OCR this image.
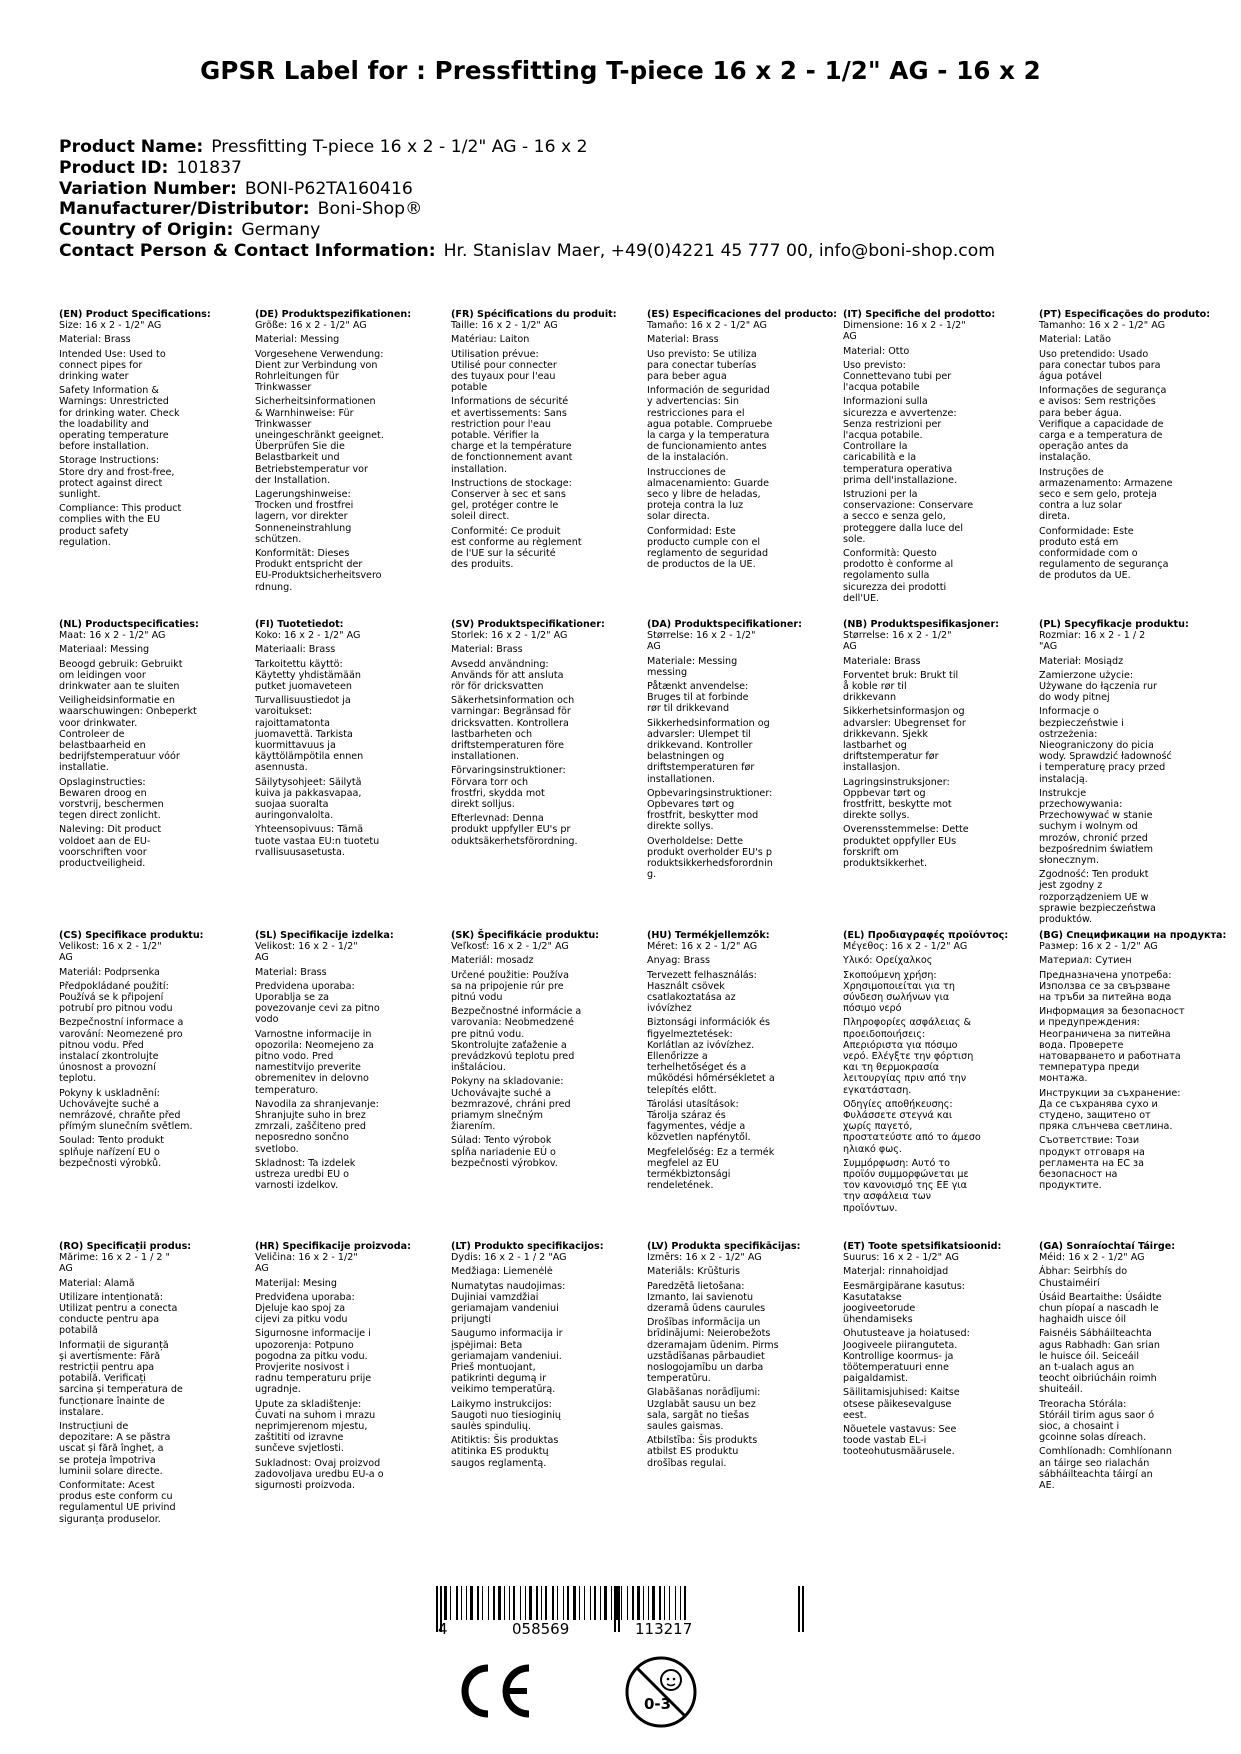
GPSR Label for : Pressfitting T-piece 16 x 2 - 1/2" AG - 16 x 2
Product Name: Pressfitting T-piece 16 x 2 - 1/2" AG - 16 x 2
Product ID: 101837
Variation Number: BONI-P62TA160416
Manufacturer/Distributor: Boni-Shop®
Country of Origin: Germany
Contact Person & Contact Information: Hr. Stanislav Maer, +49(0)4221 45 777 00, info@boni-shop.com
(EN) Product Specifications:
Size: 16 x 2 - 1/2" AG
Material: Brass
Intended Use: Used to
connect pipes for
drinking water
Safety Information &
Warnings: Unrestricted
for drinking water. Check
the loadability and
operating temperature
before installation.
Storage Instructions:
Store dry and frost-free,
protect against direct
sunlight.
Compliance: This product
complies with the EU
product safety
regulation.
(DE) Produktspezifikationen:
Größe: 16 x 2 - 1/2" AG
Material: Messing
Vorgesehene Verwendung:
Dient zur Verbindung von
Rohrleitungen für
Trinkwasser
Sicherheitsinformationen
& Warnhinweise: Für
Trinkwasser
uneingeschränkt geeignet.
Überprüfen Sie die
Belastbarkeit und
Betriebstemperatur vor
der Installation.
Lagerungshinweise:
Trocken und frostfrei
lagern, vor direkter
Sonneneinstrahlung
schützen.
Konformität: Dieses
Produkt entspricht der
EU-Produktsicherheitsvero
rdnung.
(FR) Spécifications du produit:
Taille: 16 x 2 - 1/2" AG
Matériau: Laiton
Utilisation prévue:
Utilisé pour connecter
des tuyaux pour l'eau
potable
Informations de sécurité
et avertissements: Sans
restriction pour l'eau
potable. Vérifier la
charge et la température
de fonctionnement avant
installation.
Instructions de stockage:
Conserver à sec et sans
gel, protéger contre le
soleil direct.
Conformité: Ce produit
est conforme au règlement
de l'UE sur la sécurité
des produits.
(ES) Especificaciones del producto:
Tamaño: 16 x 2 - 1/2" AG
Material: Brass
Uso previsto: Se utiliza
para conectar tuberías
para beber agua
Información de seguridad
y advertencias: Sin
restricciones para el
agua potable. Compruebe
la carga y la temperatura
de funcionamiento antes
de la instalación.
Instrucciones de
almacenamiento: Guarde
seco y libre de heladas,
proteja contra la luz
solar directa.
Conformidad: Este
producto cumple con el
reglamento de seguridad
de productos de la UE.
(IT) Specifiche del prodotto:
Dimensione: 16 x 2 - 1/2"
AG
Material: Otto
Uso previsto:
Connettevano tubi per
l'acqua potabile
Informazioni sulla
sicurezza e avvertenze:
Senza restrizioni per
l'acqua potabile.
Controllare la
caricabilità e la
temperatura operativa
prima dell'installazione.
Istruzioni per la
conservazione: Conservare
a secco e senza gelo,
proteggere dalla luce del
sole.
Conformità: Questo
prodotto è conforme al
regolamento sulla
sicurezza dei prodotti
dell'UE.
(PT) Especificações do produto:
Tamanho: 16 x 2 - 1/2" AG
Material: Latão
Uso pretendido: Usado
para conectar tubos para
água potável
Informações de segurança
e avisos: Sem restrições
para beber água.
Verifique a capacidade de
carga e a temperatura de
operação antes da
instalação.
Instruções de
armazenamento: Armazene
seco e sem gelo, proteja
contra a luz solar
direta.
Conformidade: Este
produto está em
conformidade com o
regulamento de segurança
de produtos da UE.
(NL) Productspecificaties:
Maat: 16 x 2 - 1/2" AG
Materiaal: Messing
Beoogd gebruik: Gebruikt
om leidingen voor
drinkwater aan te sluiten
Veiligheidsinformatie en
waarschuwingen: Onbeperkt
voor drinkwater.
Controleer de
belastbaarheid en
bedrijfstemperatuur vóór
installatie.
Opslaginstructies:
Bewaren droog en
vorstvrij, beschermen
tegen direct zonlicht.
Naleving: Dit product
voldoet aan de EU-
voorschriften voor
productveiligheid.
(FI) Tuotetiedot:
Koko: 16 x 2 - 1/2" AG
Materiaali: Brass
Tarkoitettu käyttö:
Käytetty yhdistämään
putket juomaveteen
Turvallisuustiedot ja
varoitukset:
rajoittamatonta
juomavettä. Tarkista
kuormittavuus ja
käyttölämpötila ennen
asennusta.
Säilytysohjeet: Säilytä
kuiva ja pakkasvapaa,
suojaa suoralta
auringonvalolta.
Yhteensopivuus: Tämä
tuote vastaa EU:n tuotetu
rvallisuusasetusta.
(SV) Produktspecifikationer:
Storlek: 16 x 2 - 1/2" AG
Material: Brass
Avsedd användning:
Används för att ansluta
rör för dricksvatten
Säkerhetsinformation och
varningar: Begränsad för
dricksvatten. Kontrollera
lastbarheten och
driftstemperaturen före
installationen.
Förvaringsinstruktioner:
Förvara torr och
frostfri, skydda mot
direkt solljus.
Efterlevnad: Denna
produkt uppfyller EU's pr
oduktsäkerhetsförordning.
(DA) Produktspecifikationer:
Størrelse: 16 x 2 - 1/2"
AG
Materiale: Messing
messing
Påtænkt anvendelse:
Bruges til at forbinde
rør til drikkevand
Sikkerhedsinformation og
advarsler: Ulempet til
drikkevand. Kontroller
belastningen og
driftstemperaturen før
installationen.
Opbevaringsinstruktioner:
Opbevares tørt og
frostfrit, beskytter mod
direkte sollys.
Overholdelse: Dette
produkt overholder EU's p
roduktsikkerhedsforordnin
g.
(NB) Produktspesifikasjoner:
Størrelse: 16 x 2 - 1/2"
AG
Materiale: Brass
Forventet bruk: Brukt til
å koble rør til
drikkevann
Sikkerhetsinformasjon og
advarsler: Ubegrenset for
drikkevann. Sjekk
lastbarhet og
driftstemperatur før
installasjon.
Lagringsinstruksjoner:
Oppbevar tørt og
frostfritt, beskytte mot
direkte sollys.
Overensstemmelse: Dette
produktet oppfyller EUs
forskrift om
produktsikkerhet.
(PL) Specyfikacje produktu:
Rozmiar: 16 x 2 - 1 / 2
"AG
Materiał: Mosiądz
Zamierzone użycie:
Używane do łączenia rur
do wody pitnej
Informacje o
bezpieczeństwie i
ostrzeżenia:
Nieograniczony do picia
wody. Sprawdzić ładowność
i temperaturę pracy przed
instalacją.
Instrukcje
przechowywania:
Przechowywać w stanie
suchym i wolnym od
mrozów, chronić przed
bezpośrednim światłem
słonecznym.
Zgodność: Ten produkt
jest zgodny z
rozporządzeniem UE w
sprawie bezpieczeństwa
produktów.
(CS) Specifikace produktu:
Velikost: 16 x 2 - 1/2"
AG
Materiál: Podprsenka
Předpokládané použití:
Používá se k připojení
potrubí pro pitnou vodu
Bezpečnostní informace a
varování: Neomezené pro
pitnou vodu. Před
instalací zkontrolujte
únosnost a provozní
teplotu.
Pokyny k uskladnění:
Uchovávejte suché a
nemrázové, chraňte před
přímým slunečním světlem.
Soulad: Tento produkt
splňuje nařízení EU o
bezpečnosti výrobků.
(SL) Specifikacije izdelka:
Velikost: 16 x 2 - 1/2"
AG
Material: Brass
Predvidena uporaba:
Uporablja se za
povezovanje cevi za pitno
vodo
Varnostne informacije in
opozorila: Neomejeno za
pitno vodo. Pred
namestitvijo preverite
obremenitev in delovno
temperaturo.
Navodila za shranjevanje:
Shranjujte suho in brez
zmrzali, zaščiteno pred
neposredno sončno
svetlobo.
Skladnost: Ta izdelek
ustreza uredbi EU o
varnosti izdelkov.
(SK) Špecifikácie produktu:
Veľkosť: 16 x 2 - 1/2" AG
Materiál: mosadz
Určené použitie: Používa
sa na pripojenie rúr pre
pitnú vodu
Bezpečnostné informácie a
varovania: Neobmedzené
pre pitnú vodu.
Skontrolujte zaťaženie a
prevádzkovú teplotu pred
inštaláciou.
Pokyny na skladovanie:
Uchovávajte suché a
bezmrazové, chráni pred
priamym slnečným
žiarením.
Súlad: Tento výrobok
spĺňa nariadenie EÚ o
bezpečnosti výrobkov.
(HU) Termékjellemzők:
Méret: 16 x 2 - 1/2" AG
Anyag: Brass
Tervezett felhasználás:
Használt csövek
csatlakoztatása az
ivóvízhez
Biztonsági információk és
figyelmeztetések:
Korlátlan az ivóvízhez.
Ellenőrizze a
terhelhetőséget és a
működési hőmérsékletet a
telepítés előtt.
Tárolási utasítások:
Tárolja száraz és
fagymentes, védje a
közvetlen napfénytől.
Megfelelőség: Ez a termék
megfelel az EU
termékbiztonsági
rendeletének.
(EL) Προδιαγραφές προϊόντος:
Μέγεθος: 16 x 2 - 1/2" AG
Υλικό: Ορείχαλκος
Σκοπούμενη χρήση:
Χρησιμοποιείται για τη
σύνδεση σωλήνων για
πόσιμο νερό
Πληροφορίες ασφάλειας &
προειδοποιήσεις:
Απεριόριστα για πόσιμο
νερό. Ελέγξτε την φόρτιση
και τη θερμοκρασία
λειτουργίας πριν από την
εγκατάσταση.
Οδηγίες αποθήκευσης:
Φυλάσσετε στεγνά και
χωρίς παγετό,
προστατεύστε από το άμεσο
ηλιακό φως.
Συμμόρφωση: Αυτό το
προϊόν συμμορφώνεται με
τον κανονισμό της ΕΕ για
την ασφάλεια των
προϊόντων.
(BG) Спецификации на продукта:
Размер: 16 x 2 - 1/2" AG
Материал: Сутиен
Предназначена употреба:
Използва се за свързване
на тръби за питейна вода
Информация за безопасност
и предупреждения:
Неограничена за питейна
вода. Проверете
натоварването и работната
температура преди
монтажа.
Инструкции за съхранение:
Да се съхранява сухо и
студено, защитено от
пряка слънчева светлина.
Съответствие: Този
продукт отговаря на
регламента на ЕС за
безопасност на
продуктите.
(RO) Specificații produs:
Mărime: 16 x 2 - 1 / 2 "
AG
Material: Alamă
Utilizare intenționată:
Utilizat pentru a conecta
conducte pentru apa
potabilă
Informații de siguranță
și avertismente: Fără
restricții pentru apa
potabilă. Verificați
sarcina și temperatura de
funcționare înainte de
instalare.
Instrucțiuni de
depozitare: A se păstra
uscat și fără îngheț, a
se proteja împotriva
luminii solare directe.
Conformitate: Acest
produs este conform cu
regulamentul UE privind
siguranța produselor.
(HR) Specifikacije proizvoda:
Veličina: 16 x 2 - 1/2"
AG
Materijal: Mesing
Predviđena uporaba:
Djeluje kao spoj za
cijevi za pitku vodu
Sigurnosne informacije i
upozorenja: Potpuno
pogodna za pitku vodu.
Provjerite nosivost i
radnu temperaturu prije
ugradnje.
Upute za skladištenje:
Čuvati na suhom i mrazu
neprimjerenom mjestu,
zaštititi od izravne
sunčeve svjetlosti.
Sukladnost: Ovaj proizvod
zadovoljava uredbu EU-a o
sigurnosti proizvoda.
(LT) Produkto specifikacijos:
Dydis: 16 x 2 - 1 / 2 "AG
Medžiaga: Liemenėlė
Numatytas naudojimas:
Dujiniai vamzdžiai
geriamajam vandeniui
prijungti
Saugumo informacija ir
įspėjimai: Beta
geriamajam vandeniui.
Prieš montuojant,
patikrinti degumą ir
veikimo temperatūrą.
Laikymo instrukcijos:
Saugoti nuo tiesioginių
saulės spindulių.
Atitiktis: Šis produktas
atitinka ES produktų
saugos reglamentą.
(LV) Produkta specifikācijas:
Izmērs: 16 x 2 - 1/2" AG
Materiāls: Krūšturis
Paredzētā lietošana:
Izmanto, lai savienotu
dzeramā ūdens caurules
Drošības informācija un
brīdinājumi: Neierobežots
dzeramajam ūdenim. Pirms
uzstādīšanas pārbaudiet
noslogojamību un darba
temperatūru.
Glabāšanas norādījumi:
Uzglabāt sausu un bez
sala, sargāt no tiešas
saules gaismas.
Atbilstība: Šis produkts
atbilst ES produktu
drošības regulai.
(ET) Toote spetsifikatsioonid:
Suurus: 16 x 2 - 1/2" AG
Materjal: rinnahoidjad
Eesmärgipärane kasutus:
Kasutatakse
joogiveetorude
ühendamiseks
Ohutusteave ja hoiatused:
Joogiveele piiranguteta.
Kontrollige koormus- ja
töötemperatuuri enne
paigaldamist.
Säilitamisjuhised: Kaitse
otsese päikesevalguse
eest.
Nõuetele vastavus: See
toode vastab EL-i
tooteohutusmäärusele.
(GA) Sonraíochtaí Táirge:
Méid: 16 x 2 - 1/2" AG
Ábhar: Seirbhís do
Chustaiméirí
Úsáid Beartaithe: Úsáidte
chun píopaí a nascadh le
haghaidh uisce óil
Faisnéis Sábháilteachta
agus Rabhadh: Gan srian
le huisce óil. Seiceáil
an t-ualach agus an
teocht oibriúcháin roimh
shuiteáil.
Treoracha Stórála:
Stóráil tirim agus saor ó
sioc, a chosaint i
gcoinne solas díreach.
Comhlíonadh: Comhlíonann
an táirge seo rialachán
sábháilteachta táirgí an
AE.
4	058569	113217
0-3
